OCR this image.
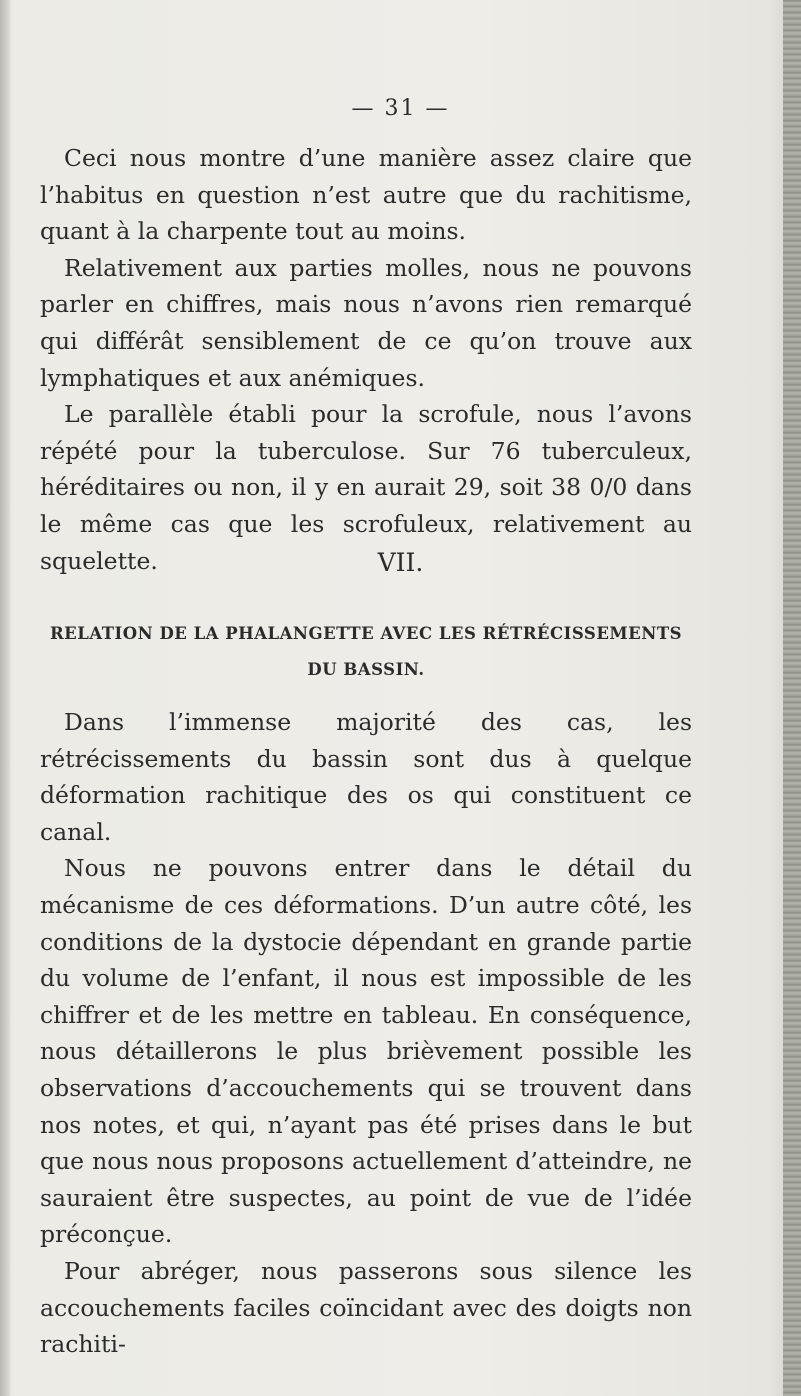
— 31 —

Ceci nous montre d’une manière assez claire que l’habitus en question n’est autre que du rachitisme, quant à la charpente tout au moins.

Relativement aux parties molles, nous ne pouvons parler en chiffres, mais nous n’avons rien remarqué qui différât sensiblement de ce qu’on trouve aux lymphatiques et aux anémiques.

Le parallèle établi pour la scrofule, nous l’avons répété pour la tuberculose. Sur 76 tuberculeux, héréditaires ou non, il y en aurait 29, soit 38 0/0 dans le même cas que les scrofuleux, relativement au squelette.	VII.
RELATION DE LA PHALANGETTE AVEC LES RÉTRÉCISSEMENTS DU BASSIN.

Dans l’immense majorité des cas, les rétrécissements du bassin sont dus à quelque déformation rachitique des os qui constituent ce canal.

Nous ne pouvons entrer dans le détail du mécanisme de ces déformations. D’un autre côté, les conditions de la dystocie dépendant en grande partie du volume de l’enfant, il nous est impossible de les chiffrer et de les mettre en tableau. En conséquence, nous détaillerons le plus brièvement possible les observations d’accouchements qui se trouvent dans nos notes, et qui, n’ayant pas été prises dans le but que nous nous proposons actuellement d’atteindre, ne sauraient être suspectes, au point de vue de l’idée préconçue.

Pour abréger, nous passerons sous silence les accouchements faciles coïncidant avec des doigts non rachiti-
